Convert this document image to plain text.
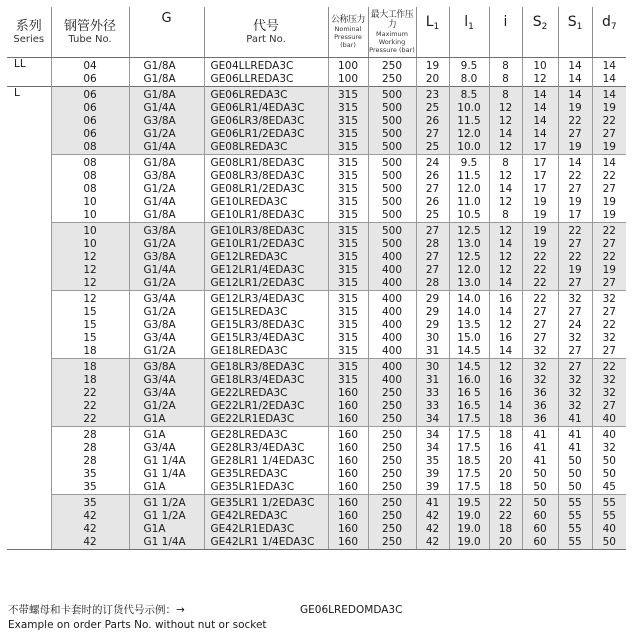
系列
Series	钢管外径
Tube No.	G	代号
Part No.	公称压力
Nominal
Pressure (bar)	最大工作压力
Maximum Working
Pressure (bar)	L1	l1	i	S2	S1	d7
LL	04	G1/8A	GE04LLREDA3C	100	250	19	9.5	8	10	14	14
	06	G1/8A	GE06LLREDA3C	100	250	20	8.0	8	12	14	14
L	06	G1/8A	GE06LREDA3C	315	500	23	8.5	8	14	14	14
	06	G1/4A	GE06LR1/4EDA3C	315	500	25	10.0	12	14	19	19
	06	G3/8A	GE06LR3/8EDA3C	315	500	26	11.5	12	14	22	22
	06	G1/2A	GE06LR1/2EDA3C	315	500	27	12.0	14	14	27	27
	08	G1/4A	GE08LREDA3C	315	500	25	10.0	12	17	19	19
	08	G1/8A	GE08LR1/8EDA3C	315	500	24	9.5	8	17	14	14
	08	G3/8A	GE08LR3/8EDA3C	315	500	26	11.5	12	17	22	22
	08	G1/2A	GE08LR1/2EDA3C	315	500	27	12.0	14	17	27	27
	10	G1/4A	GE10LREDA3C	315	500	26	11.0	12	19	19	19
	10	G1/8A	GE10LR1/8EDA3C	315	500	25	10.5	8	19	17	19
	10	G3/8A	GE10LR3/8EDA3C	315	500	27	12.5	12	19	22	22
	10	G1/2A	GE10LR1/2EDA3C	315	500	28	13.0	14	19	27	27
	12	G3/8A	GE12LREDA3C	315	400	27	12.5	12	22	22	22
	12	G1/4A	GE12LR1/4EDA3C	315	400	27	12.0	12	22	19	19
	12	G1/2A	GE12LR1/2EDA3C	315	400	28	13.0	14	22	27	27
	12	G3/4A	GE12LR3/4EDA3C	315	400	29	14.0	16	22	32	32
	15	G1/2A	GE15LREDA3C	315	400	29	14.0	14	27	27	27
	15	G3/8A	GE15LR3/8EDA3C	315	400	29	13.5	12	27	24	22
	15	G3/4A	GE15LR3/4EDA3C	315	400	30	15.0	16	27	32	32
	18	G1/2A	GE18LREDA3C	315	400	31	14.5	14	32	27	27
	18	G3/8A	GE18LR3/8EDA3C	315	400	30	14.5	12	32	27	22
	18	G3/4A	GE18LR3/4EDA3C	315	400	31	16.0	16	32	32	32
	22	G3/4A	GE22LREDA3C	160	250	33	16 5	16	36	32	32
	22	G1/2A	GE22LR1/2EDA3C	160	250	33	16.5	14	36	32	27
	22	G1A	GE22LR1EDA3C	160	250	34	17.5	18	36	41	40
	28	G1A	GE28LREDA3C	160	250	34	17.5	18	41	41	40
	28	G3/4A	GE28LR3/4EDA3C	160	250	34	17.5	16	41	41	32
	28	G1 1/4A	GE28LR1 1/4EDA3C	160	250	35	18.5	20	41	50	50
	35	G1 1/4A	GE35LREDA3C	160	250	39	17.5	20	50	50	50
	35	G1A	GE35LR1EDA3C	160	250	39	17.5	18	50	50	45
	35	G1 1/2A	GE35LR1 1/2EDA3C	160	250	41	19.5	22	50	55	55
	42	G1 1/2A	GE42LREDA3C	160	250	42	19.0	22	60	55	55
	42	G1A	GE42LR1EDA3C	160	250	42	19.0	18	60	55	40
	42	G1 1/4A	GE42LR1 1/4EDA3C	160	250	42	19.0	20	60	55	50
不带螺母和卡套时的订货代号示例：→
Example on order Parts No. without nut or socket
GE06LREDOMDA3C
